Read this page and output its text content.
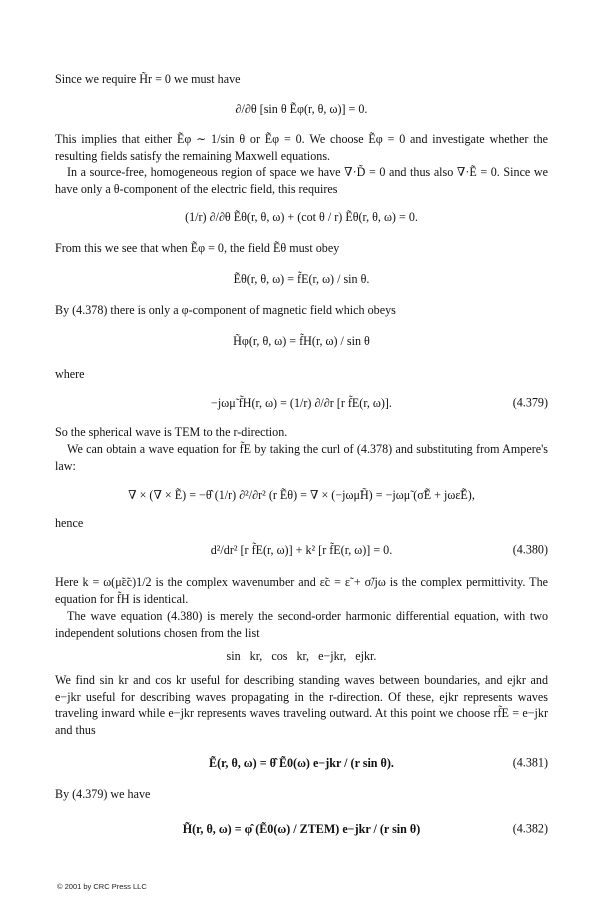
Since we require H̃r = 0 we must have

∂/∂θ [sin θ Ẽφ(r, θ, ω)] = 0.

This implies that either Ẽφ ∼ 1/sin θ or Ẽφ = 0. We choose Ẽφ = 0 and investigate whether the resulting fields satisfy the remaining Maxwell equations.

In a source-free, homogeneous region of space we have ∇·D̃ = 0 and thus also ∇·Ẽ = 0. Since we have only a θ-component of the electric field, this requires

(1/r) ∂/∂θ Ẽθ(r, θ, ω) + (cot θ / r) Ẽθ(r, θ, ω) = 0.

From this we see that when Ẽφ = 0, the field Ẽθ must obey

Ẽθ(r, θ, ω) = f̃E(r, ω) / sin θ.

By (4.378) there is only a φ-component of magnetic field which obeys

H̃φ(r, θ, ω) = f̃H(r, ω) / sin θ

where

−jωμ̃ f̃H(r, ω) = (1/r) ∂/∂r [r f̃E(r, ω)].	(4.379)

So the spherical wave is TEM to the r-direction.

We can obtain a wave equation for f̃E by taking the curl of (4.378) and substituting from Ampere's law:

∇ × (∇ × Ẽ) = −θ̂ (1/r) ∂²/∂r² (r Ẽθ) = ∇ × (−jωμ̃H̃) = −jωμ̃ (σ̃Ẽ + jωε̃Ẽ),

hence

d²/dr² [r f̃E(r, ω)] + k² [r f̃E(r, ω)] = 0.	(4.380)

Here k = ω(μ̃ε̃c)1/2 is the complex wavenumber and ε̃c = ε̃ + σ̃/jω is the complex permittivity. The equation for f̃H is identical.

The wave equation (4.380) is merely the second-order harmonic differential equation, with two independent solutions chosen from the list

sin kr, cos kr, e−jkr, ejkr.

We find sin kr and cos kr useful for describing standing waves between boundaries, and ejkr and e−jkr useful for describing waves propagating in the r-direction. Of these, ejkr represents waves traveling inward while e−jkr represents waves traveling outward. At this point we choose rf̃E = e−jkr and thus

Ẽ(r, θ, ω) = θ̂ Ẽ0(ω) e−jkr / (r sin θ).	(4.381)

By (4.379) we have

H̃(r, θ, ω) = φ̂ (Ẽ0(ω) / ZTEM) e−jkr / (r sin θ)	(4.382)
© 2001 by CRC Press LLC
